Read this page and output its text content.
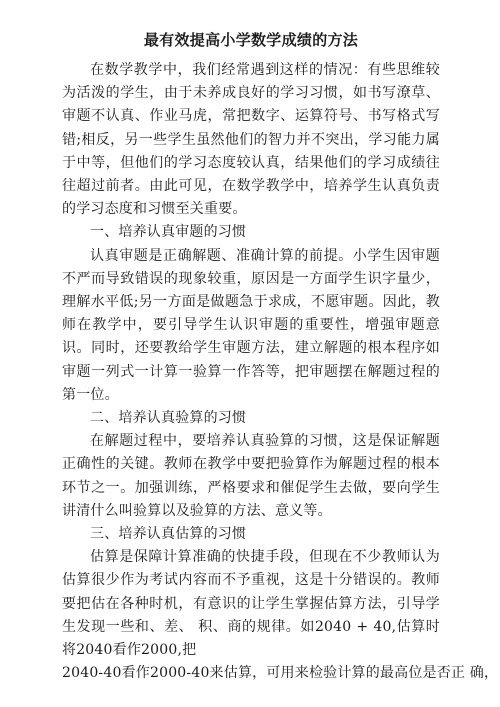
最有效提高小学数学成绩的方法

在数学教学中，我们经常遇到这样的情况：有些思维较为活泼的学生，由于未养成良好的学习习惯，如书写潦草、审题不认真、作业马虎，常把数字、运算符号、书写格式写错;相反，另一些学生虽然他们的智力并不突出，学习能力属于中等，但他们的学习态度较认真，结果他们的学习成绩往往超过前者。由此可见，在数学教学中，培养学生认真负责的学习态度和习惯至关重要。

一、培养认真审题的习惯

认真审题是正确解题、准确计算的前提。小学生因审题不严而导致错误的现象较重，原因是一方面学生识字量少，理解水平低;另一方面是做题急于求成，不愿审题。因此，教师在教学中，要引导学生认识审题的重要性，增强审题意识。同时，还要教给学生审题方法，建立解题的根本程序如审题一列式一计算一验算一作答等，把审题摆在解题过程的第一位。

二、培养认真验算的习惯

在解题过程中，要培养认真验算的习惯，这是保证解题正确性的关键。教师在教学中要把验算作为解题过程的根本环节之一。加强训练，严格要求和催促学生去做，要向学生讲清什么叫验算以及验算的方法、意义等。

三、培养认真估算的习惯

估算是保障计算准确的快捷手段，但现在不少教师认为估算很少作为考试内容而不予重视，这是十分错误的。教师要把估在各种时机，有意识的让学生掌握估算方法，引导学生发现一些和、差、 积、商的规律。如2040 + 40,估算时将2040看作2000,把

2040-40看作2000-40来估算，可用来检验计算的最高位是否正 确，
